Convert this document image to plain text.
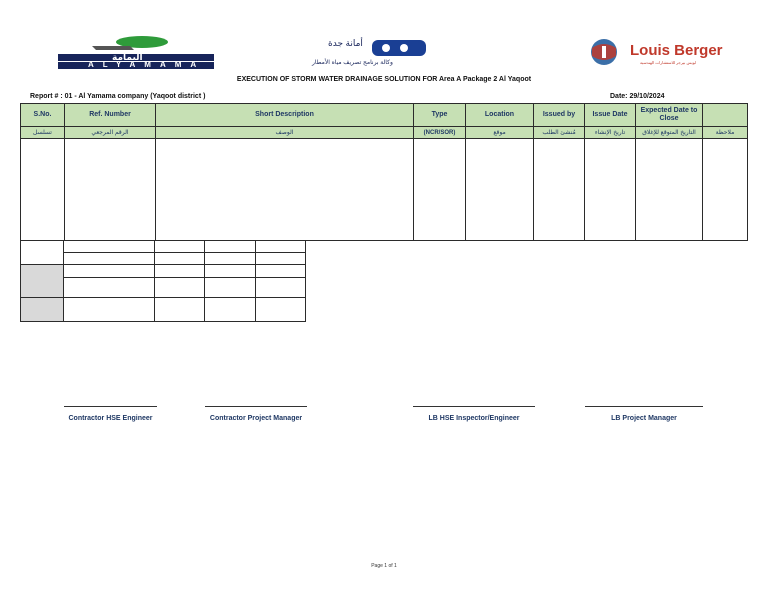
اليمامة
ALYAMAMA
أمانة جدة
وكالة برنامج تصريف مياه الأمطار
Louis Berger
لويس بيرجر للاستشارات الهندسية
EXECUTION OF STORM WATER DRAINAGE SOLUTION FOR Area A Package 2 Al Yaqoot
Report # : 01 - Al Yamama company (Yaqoot district )	Date: 29/10/2024
S.No.	Ref. Number	Short Description	Type	Location	Issued by	Issue Date	Expected Date to Close	
تسلسل	الرقم المرجعي	الوصف	(NCR/SOR)	موقع	مُنشئ الطلب	تاريخ الإنشاء	التاريخ المتوقع للإغلاق	ملاحظة

Contractor HSE Engineer	Contractor Project Manager	LB HSE Inspector/Engineer	LB Project Manager
Page 1 of 1
